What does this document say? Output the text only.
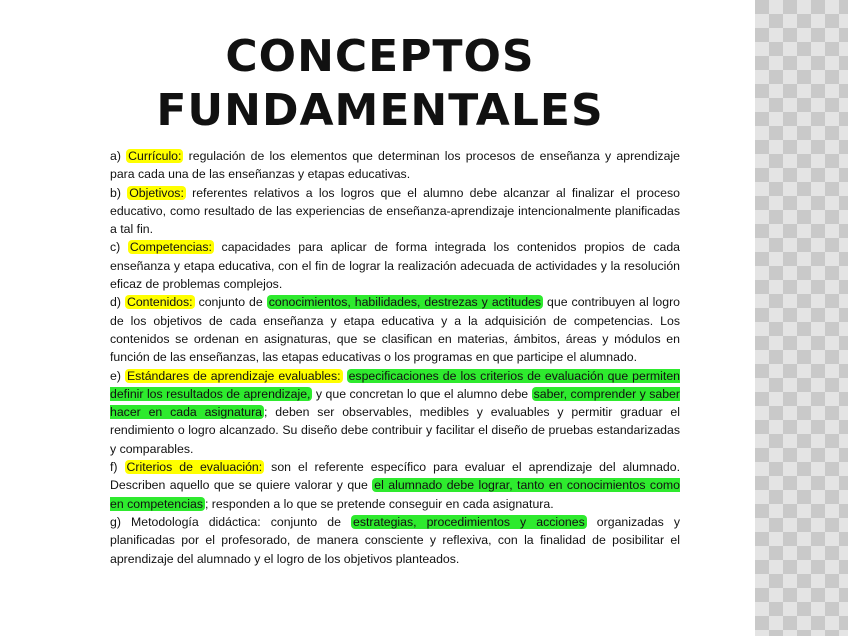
CONCEPTOS
FUNDAMENTALES

a) Currículo: regulación de los elementos que determinan los procesos de enseñanza y aprendizaje para cada una de las enseñanzas y etapas educativas.

b) Objetivos: referentes relativos a los logros que el alumno debe alcanzar al finalizar el proceso educativo, como resultado de las experiencias de enseñanza-aprendizaje intencionalmente planificadas a tal fin.

c) Competencias: capacidades para aplicar de forma integrada los contenidos propios de cada enseñanza y etapa educativa, con el fin de lograr la realización adecuada de actividades y la resolución eficaz de problemas complejos.

d) Contenidos: conjunto de conocimientos, habilidades, destrezas y actitudes que contribuyen al logro de los objetivos de cada enseñanza y etapa educativa y a la adquisición de competencias. Los contenidos se ordenan en asignaturas, que se clasifican en materias, ámbitos, áreas y módulos en función de las enseñanzas, las etapas educativas o los programas en que participe el alumnado.

e) Estándares de aprendizaje evaluables: especificaciones de los criterios de evaluación que permiten definir los resultados de aprendizaje, y que concretan lo que el alumno debe saber, comprender y saber hacer en cada asignatura ; deben ser observables, medibles y evaluables y permitir graduar el rendimiento o logro alcanzado. Su diseño debe contribuir y facilitar el diseño de pruebas estandarizadas y comparables.

f) Criterios de evaluación: son el referente específico para evaluar el aprendizaje del alumnado. Describen aquello que se quiere valorar y que el alumnado debe lograr, tanto en conocimientos como en competencias ; responden a lo que se pretende conseguir en cada asignatura.

g) Metodología didáctica: conjunto de estrategias, procedimientos y acciones organizadas y planificadas por el profesorado, de manera consciente y reflexiva, con la finalidad de posibilitar el aprendizaje del alumnado y el logro de los objetivos planteados.
